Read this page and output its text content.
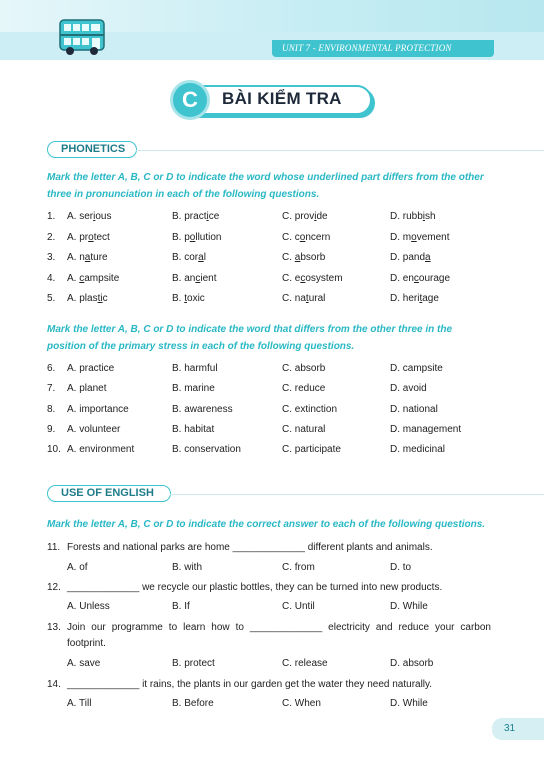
UNIT 7 - ENVIRONMENTAL PROTECTION
C	BÀI KIỂM TRA
PHONETICS
Mark the letter A, B, C or D to indicate the word whose underlined part differs from the other three in pronunciation in each of the following questions.
1. A. serious	B. practice	C. provide	D. rubbish
2. A. protect	B. pollution	C. concern	D. movement
3. A. nature	B. coral	C. absorb	D. panda
4. A. campsite	B. ancient	C. ecosystem	D. encourage
5. A. plastic	B. toxic	C. natural	D. heritage
Mark the letter A, B, C or D to indicate the word that differs from the other three in the position of the primary stress in each of the following questions.
6. A. practice	B. harmful	C. absorb	D. campsite
7. A. planet	B. marine	C. reduce	D. avoid
8. A. importance	B. awareness	C. extinction	D. national
9. A. volunteer	B. habitat	C. natural	D. management
10. A. environment	B. conservation	C. participate	D. medicinal
USE OF ENGLISH
Mark the letter A, B, C or D to indicate the correct answer to each of the following questions.
11. Forests and national parks are home _____________ different plants and animals.
A. of	B. with	C. from	D. to
12. _____________ we recycle our plastic bottles, they can be turned into new products.
A. Unless	B. If	C. Until	D. While
13. Join our programme to learn how to _____________ electricity and reduce your carbon footprint.
A. save	B. protect	C. release	D. absorb
14. _____________ it rains, the plants in our garden get the water they need naturally.
A. Till	B. Before	C. When	D. While
31
